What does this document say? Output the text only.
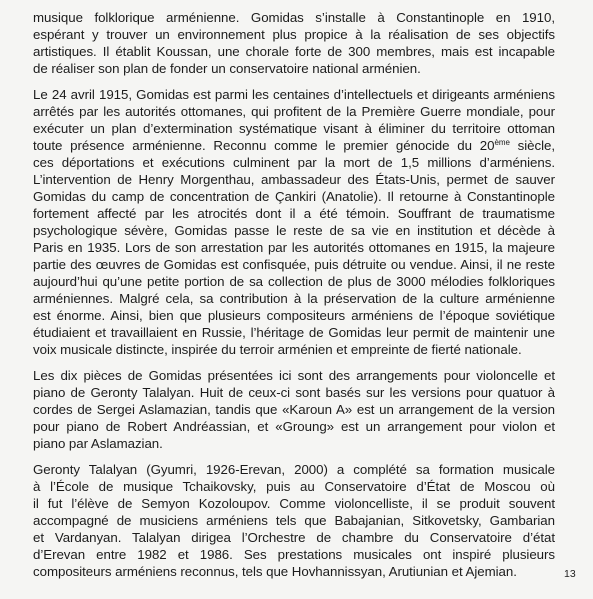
musique folklorique arménienne. Gomidas s’installe à Constantinople en 1910,
espérant y trouver un environnement plus propice à la réalisation de ses objectifs
artistiques. Il établit Koussan, une chorale forte de 300 membres, mais est incapable
de réaliser son plan de fonder un conservatoire national arménien.
Le 24 avril 1915, Gomidas est parmi les centaines d’intellectuels et dirigeants arméniens
arrêtés par les autorités ottomanes, qui profitent de la Première Guerre mondiale, pour
exécuter un plan d’extermination systématique visant à éliminer du territoire ottoman
toute présence arménienne. Reconnu comme le premier génocide du 20ème siècle,
ces déportations et exécutions culminent par la mort de 1,5 millions d’arméniens.
L’intervention de Henry Morgenthau, ambassadeur des États-Unis, permet de sauver
Gomidas du camp de concentration de Çankiri (Anatolie). Il retourne à Constantinople
fortement affecté par les atrocités dont il a été témoin. Souffrant de traumatisme
psychologique sévère, Gomidas passe le reste de sa vie en institution et décède à
Paris en 1935. Lors de son arrestation par les autorités ottomanes en 1915, la majeure
partie des œuvres de Gomidas est confisquée, puis détruite ou vendue. Ainsi, il ne reste
aujourd’hui qu’une petite portion de sa collection de plus de 3000 mélodies folkloriques
arméniennes. Malgré cela, sa contribution à la préservation de la culture arménienne
est énorme. Ainsi, bien que plusieurs compositeurs arméniens de l’époque soviétique
étudiaient et travaillaient en Russie, l’héritage de Gomidas leur permit de maintenir une
voix musicale distincte, inspirée du terroir arménien et empreinte de fierté nationale.
Les dix pièces de Gomidas présentées ici sont des arrangements pour violoncelle et
piano de Geronty Talalyan. Huit de ceux-ci sont basés sur les versions pour quatuor à
cordes de Sergei Aslamazian, tandis que «Karoun A» est un arrangement de la version
pour piano de Robert Andréassian, et «Groung» est un arrangement pour violon et
piano par Aslamazian.
Geronty Talalyan (Gyumri, 1926-Erevan, 2000) a complété sa formation musicale
à l’École de musique Tchaikovsky, puis au Conservatoire d’État de Moscou où
il fut l’élève de Semyon Kozoloupov. Comme violoncelliste, il se produit souvent
accompagné de musiciens arméniens tels que Babajanian, Sitkovetsky, Gambarian
et Vardanyan. Talalyan dirigea l’Orchestre de chambre du Conservatoire d’état
d’Erevan entre 1982 et 1986. Ses prestations musicales ont inspiré plusieurs
compositeurs arméniens reconnus, tels que Hovhannissyan, Arutiunian et Ajemian.	13
